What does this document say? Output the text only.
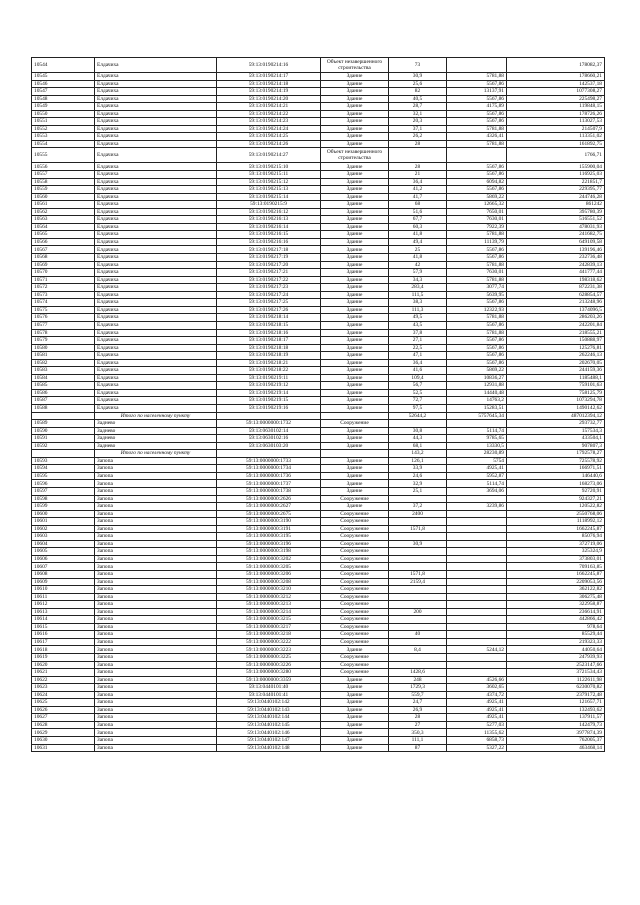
10544	Елдачиха	59:13:0190214:16	Объект незавершенного строительства	73		178082,37
10545	Елдачиха	59:13:0190214:17	Здание	30,9	5781,88	178660,21
10546	Елдачиха	59:13:0190214:18	Здание	25,6	5567,86	142537,18
10547	Елдачиха	59:13:0190214:19	Здание	82	13137,91	1077308,27
10548	Елдачиха	59:13:0190214:20	Здание	40,5	5567,86	225498,27
10549	Елдачиха	59:13:0190214:21	Здание	28,7	4175,89	119848,15
10550	Елдачиха	59:13:0190214:22	Здание	32,1	5567,86	178726,26
10551	Елдачиха	59:13:0190214:23	Здание	20,3	5567,86	113027,53
10552	Елдачиха	59:13:0190214:24	Здание	37,1	5781,88	214507,9
10553	Елдачиха	59:13:0190214:25	Здание	26,2	4326,41	113351,02
10554	Елдачиха	59:13:0190214:26	Здание	28	5781,88	161892,75
10555	Елдачиха	59:13:0190214:27	Объект незавершенного строительства			1766,71
10556	Елдачиха	59:13:0190215:10	Здание	28	5567,86	155900,04
10557	Елдачиха	59:13:0190215:11	Здание	21	5567,86	116925,03
10558	Елдачиха	59:13:0190215:12	Здание	36,4	6094,82	221851,7
10559	Елдачиха	59:13:0190215:13	Здание	41,2	5567,86	229395,77
10560	Елдачиха	59:13:0190215:14	Здание	41,7	5869,22	244746,28
10561	Елдачиха	59:13:0190215:9	Здание	68	12665,32	861242
10562	Елдачиха	59:13:0190216:12	Здание	51,6	7650,01	395780,39
10563	Елдачиха	59:13:0190216:13	Здание	67,7	7630,01	516551,52
10564	Елдачиха	59:13:0190216:14	Здание	60,3	7922,39	478031,93
10565	Елдачиха	59:13:0190216:15	Здание	41,8	5781,88	241682,75
10566	Елдачиха	59:13:0190216:16	Здание	49,4	11139,79	649109,58
10567	Елдачиха	59:13:0190217:18	Здание	25	5567,86	139196,46
10568	Елдачиха	59:13:0190217:19	Здание	41,8	5567,86	232736,48
10569	Елдачиха	59:13:0190217:20	Здание	42	5781,88	242839,13
10570	Елдачиха	59:13:0190217:21	Здание	57,9	7630,01	441777,44
10571	Елдачиха	59:13:0190217:22	Здание	34,3	5781,88	198318,62
10572	Елдачиха	59:13:0190217:23	Здание	283,4	3077,74	872231,38
10573	Елдачиха	59:13:0190217:24	Здание	111,5	5639,95	628854,57
10574	Елдачиха	59:13:0190217:25	Здание	38,3	5567,86	213248,96
10575	Елдачиха	59:13:0190217:26	Здание	111,3	12322,93	1374096,5
10576	Елдачиха	59:13:0190218:14	Здание	49,5	5781,88	286203,26
10577	Елдачиха	59:13:0190218:15	Здание	43,5	5567,86	242201,84
10578	Елдачиха	59:13:0190218:16	Здание	37,8	5781,88	218555,21
10579	Елдачиха	59:13:0190218:17	Здание	27,1	5567,86	150888,97
10580	Елдачиха	59:13:0190218:18	Здание	22,5	5567,86	125276,81
10581	Елдачиха	59:13:0190218:19	Здание	47,1	5567,86	262246,13
10582	Елдачиха	59:13:0190218:21	Здание	36,4	5567,86	202670,05
10583	Елдачиха	59:13:0190218:22	Здание	41,6	5869,22	244159,36
10584	Елдачиха	59:13:0190219:11	Здание	109,4	10836,27	1185488,1
10585	Елдачиха	59:13:0190219:12	Здание	56,7	12931,88	759101,63
10586	Елдачиха	59:13:0190219:14	Здание	52,5	14440,48	758125,79
10587	Елдачиха	59:13:0190219:15	Здание	72,7	14763,2	1073294,78
10588	Елдачиха	59:13:0190219:16	Здание	97,5	15283,51	1490142,62
	Итого по населенному пункту			52644,2	5757645,34	487012394,12
10589	Заднево	59:13:0000000:1732	Сооружение			293732,77
10590	Заднево	59:13:0630102:14	Здание	30,8	5114,74	157534,3
10591	Заднево	59:13:0630102:16	Здание	44,3	9785,65	433504,1
10592	Заднево	59:13:0630103:20	Здание	68,1	13330,5	907807,3
	Итого по населенному пункту			143,2	28230,89	1792578,27
10593	Запопа	59:13:0000000:1733	Здание	126,1	5754	725578,92
10594	Запопа	59:13:0000000:1734	Здание	33,9	4925,41	166971,51
10595	Запопа	59:13:0000000:1736	Здание	24,6	5952,87	146440,6
10596	Запопа	59:13:0000000:1737	Здание	32,9	5114,74	168273,06
10597	Запопа	59:13:0000000:1738	Здание	25,1	3694,06	92720,91
10598	Запопа	59:13:0000000:2626	Сооружение			924327,21
10599	Запопа	59:13:0000000:2627	Здание	37,2	3239,86	120522,82
10600	Запопа	59:13:0000000:2675	Сооружение	2400		2550768,06
10601	Запопа	59:13:0000000:3190	Сооружение			1118992,12
10602	Запопа	59:13:0000000:3191	Сооружение	1571,8		1662245,87
10603	Запопа	59:13:0000000:3195	Сооружение			85076,94
10604	Запопа	59:13:0000000:3196	Сооружение	30,9		372719,06
10605	Запопа	59:13:0000000:3198	Сооружение			325324,9
10606	Запопа	59:13:0000000:3202	Сооружение			373803,01
10607	Запопа	59:13:0000000:3205	Сооружение			709163,85
10608	Запопа	59:13:0000000:3206	Сооружение	1571,8		1662245,87
10609	Запопа	59:13:0000000:3208	Сооружение	2159,4		2209053,56
10610	Запопа	59:13:0000000:3210	Сооружение			362122,82
10611	Запопа	59:13:0000000:3212	Сооружение			306275,48
10612	Запопа	59:13:0000000:3213	Сооружение			322958,87
10613	Запопа	59:13:0000000:3214	Сооружение	200		236614,91
10614	Запопа	59:13:0000000:3215	Сооружение			442866,42
10615	Запопа	59:13:0000000:3217	Сооружение			978,64
10616	Запопа	59:13:0000000:3218	Сооружение	40		85529,44
10617	Запопа	59:13:0000000:3222	Сооружение			219323,33
10618	Запопа	59:13:0000000:3223	Здание	8,4	5244,12	44050,64
10619	Запопа	59:13:0000000:3225	Сооружение			247939,93
10620	Запопа	59:13:0000000:3226	Сооружение			2523147,66
10621	Запопа	59:13:0000000:3280	Сооружение	1428,6		3721534,43
10622	Запопа	59:13:0000000:3359	Здание	248	4526,66	1122611,98
10623	Запопа	59:13:0440101:40	Здание	1729,3	3602,65	6230070,82
10624	Запопа	59:13:0440101:41	Здание	559,7	4374,72	2379172,48
10625	Запопа	59:13:0440102:142	Здание	24,7	4925,41	121657,71
10626	Запопа	59:13:0440102:143	Здание	26,9	4925,41	132493,62
10627	Запопа	59:13:0440102:144	Здание	28	4925,41	137911,57
10628	Запопа	59:13:0440102:145	Здание	27	5277,03	142479,73
10629	Запопа	59:13:0440102:146	Здание	350,3	11355,62	3977874,39
10630	Запопа	59:13:0440102:147	Здание	111,1	6858,73	762005,37
10631	Запопа	59:13:0440102:148	Здание	87	5327,22	463468,14
